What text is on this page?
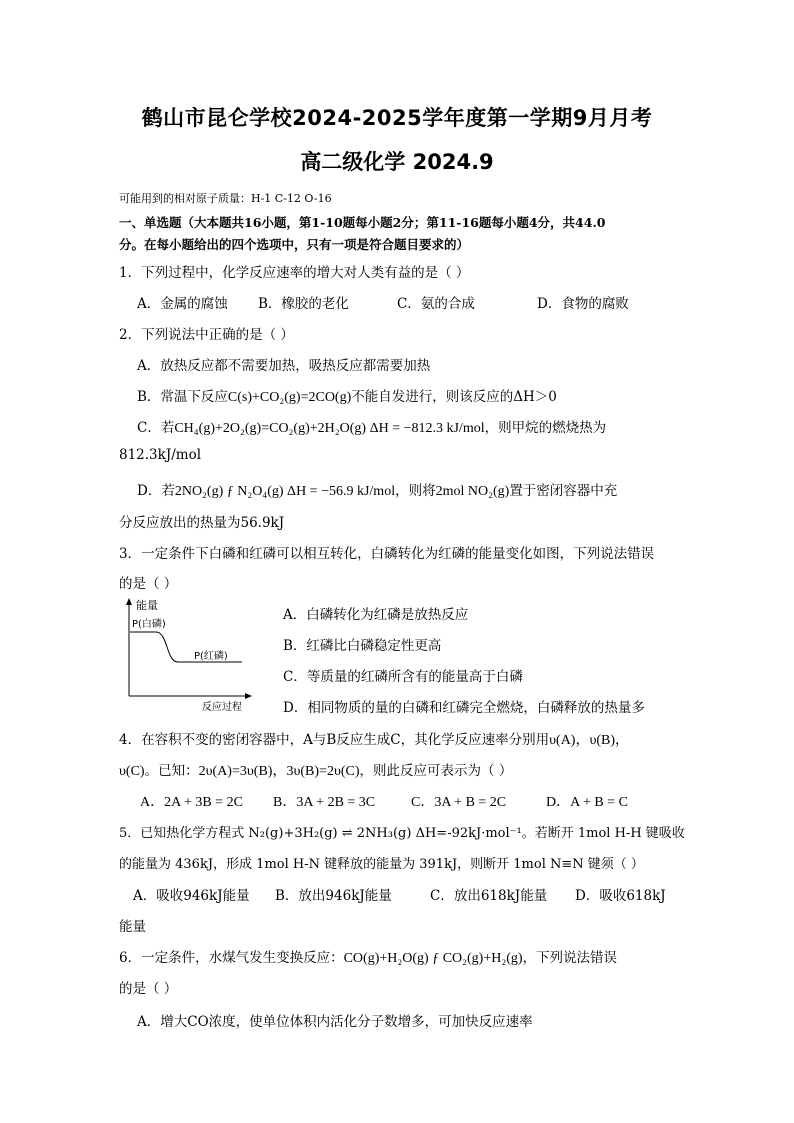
鹤山市昆仑学校2024-2025学年度第一学期9月月考
高二级化学 2024.9
可能用到的相对原子质量：H-1 C-12 O-16
一、单选题（大本题共16小题，第1-10题每小题2分；第11-16题每小题4分，共44.0
分。在每小题给出的四个选项中，只有一项是符合题目要求的）
1．下列过程中，化学反应速率的增大对人类有益的是（ ）
A．金属的腐蚀 B．橡胶的老化	C．氨的合成	D．食物的腐败
2．下列说法中正确的是（ ）
A．放热反应都不需要加热，吸热反应都需要加热
B．常温下反应C(s)+CO₂(g)=2CO(g)不能自发进行，则该反应的ΔH＞0
C．若CH₄(g)+2O₂(g)=CO₂(g)+2H₂O(g) ΔH = −812.3 kJ/mol，则甲烷的燃烧热为
812.3kJ/mol
D．若2NO₂(g) ƒ N₂O₄(g) ΔH = −56.9 kJ/mol，则将2mol NO₂(g)置于密闭容器中充
分反应放出的热量为56.9kJ
3．一定条件下白磷和红磷可以相互转化，白磷转化为红磷的能量变化如图，下列说法错误
的是（ ）
能量
P(白磷)
P(红磷)
反应过程
A．白磷转化为红磷是放热反应
B．红磷比白磷稳定性更高
C．等质量的红磷所含有的能量高于白磷
D．相同物质的量的白磷和红磷完全燃烧，白磷释放的热量多
4．在容积不变的密闭容器中，A与B反应生成C，其化学反应速率分别用υ(A)，υ(B)，
υ(C)。已知：2υ(A)=3υ(B)，3υ(B)=2υ(C)，则此反应可表示为（ ）
A．2A + 3B = 2C B．3A + 2B = 3C	C．3A + B = 2C	D．A + B = C
5．已知热化学方程式 N₂(g)+3H₂(g) ⇌ 2NH₃(g) ΔH=-92kJ·mol⁻¹。若断开 1mol H-H 键吸收
的能量为 436kJ，形成 1mol H-N 键释放的能量为 391kJ，则断开 1mol N≡N 键须（ ）
A．吸收946kJ能量 B．放出946kJ能量	C．放出618kJ能量 D．吸收618kJ
能量
6．一定条件，水煤气发生变换反应：CO(g)+H₂O(g) ƒ CO₂(g)+H₂(g)，下列说法错误
的是（ ）
A．增大CO浓度，使单位体积内活化分子数增多，可加快反应速率
